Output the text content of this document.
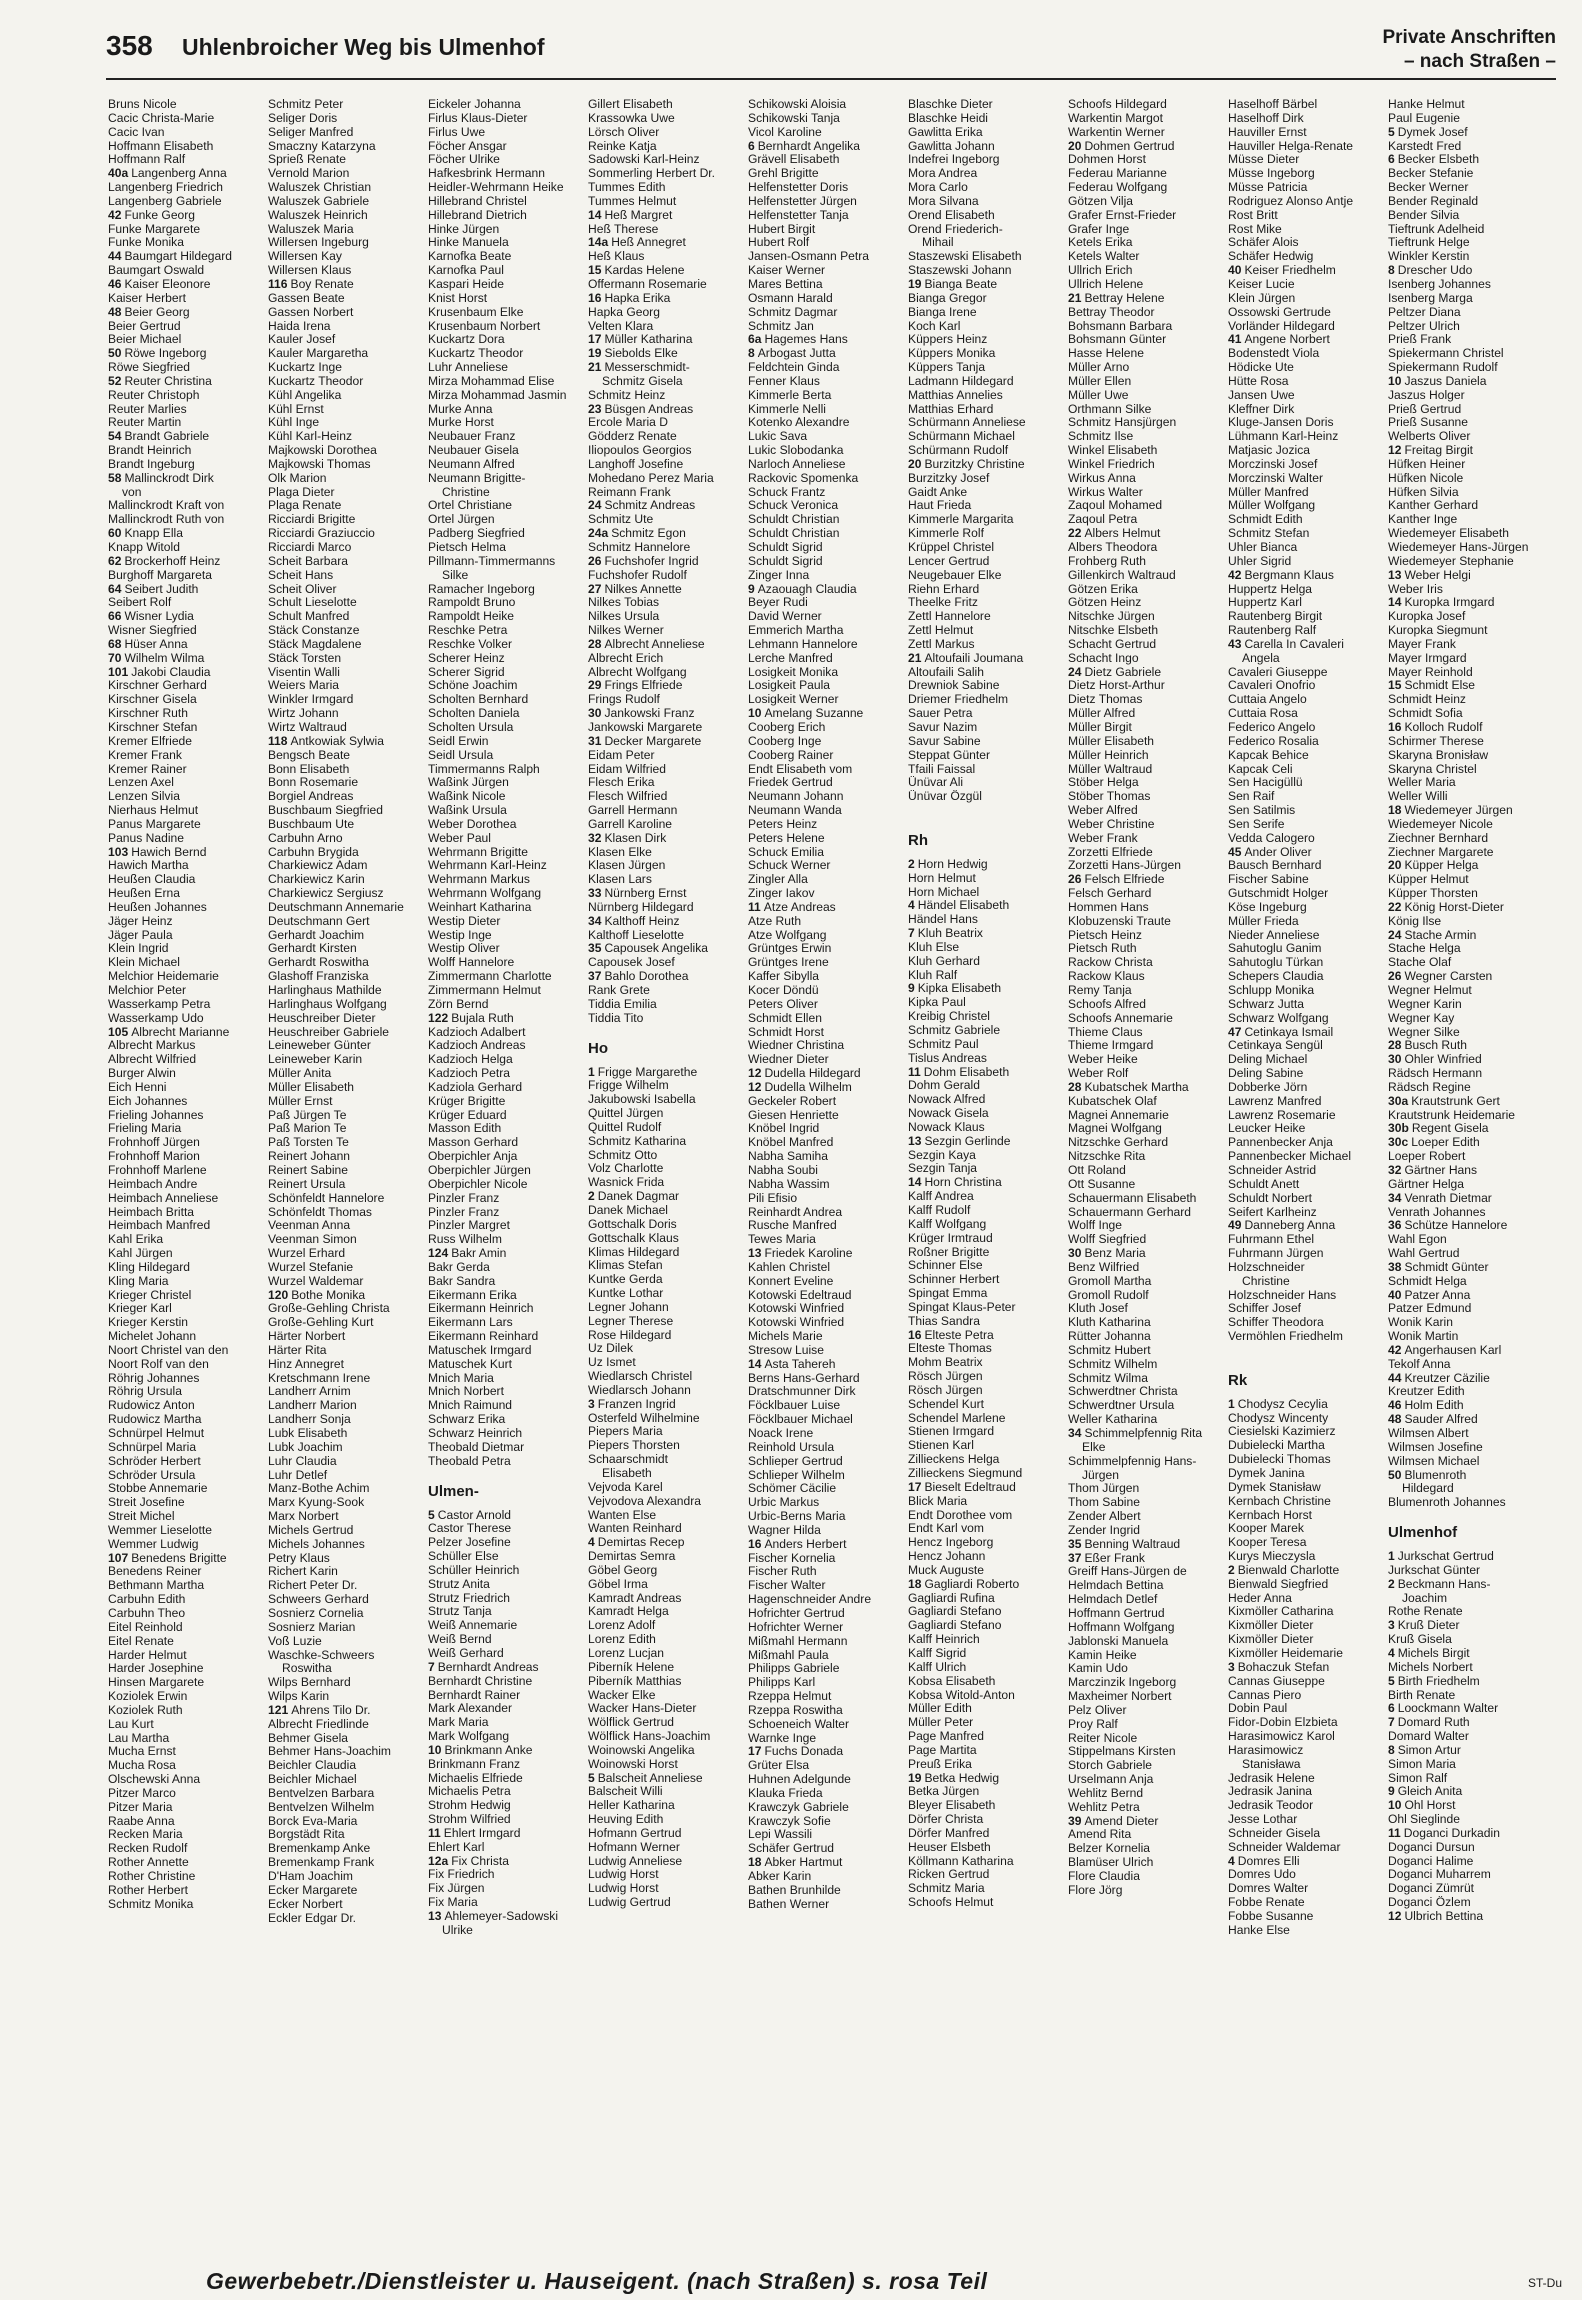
358 Uhlenbroicher Weg bis Ulmenhof	Private Anschriften
– nach Straßen –
Bruns Nicole
Cacic Christa-Marie
Cacic Ivan
Hoffmann Elisabeth
Hoffmann Ralf
40a Langenberg Anna
Langenberg Friedrich
Langenberg Gabriele
42 Funke Georg
Funke Margarete
Funke Monika
44 Baumgart Hildegard
Baumgart Oswald
46 Kaiser Eleonore
Kaiser Herbert
48 Beier Georg
Beier Gertrud
Beier Michael
50 Röwe Ingeborg
Röwe Siegfried
52 Reuter Christina
Reuter Christoph
Reuter Marlies
Reuter Martin
54 Brandt Gabriele
Brandt Heinrich
Brandt Ingeburg
58 Mallinckrodt Dirk
von
Mallinckrodt Kraft von
Mallinckrodt Ruth von
60 Knapp Ella
Knapp Witold
62 Brockerhoff Heinz
Burghoff Margareta
64 Seibert Judith
Seibert Rolf
66 Wisner Lydia
Wisner Siegfried
68 Hüser Anna
70 Wilhelm Wilma
101 Jakobi Claudia
Kirschner Gerhard
Kirschner Gisela
Kirschner Ruth
Kirschner Stefan
Kremer Elfriede
Kremer Frank
Kremer Rainer
Lenzen Axel
Lenzen Silvia
Nierhaus Helmut
Panus Margarete
Panus Nadine
103 Hawich Bernd
Hawich Martha
Heußen Claudia
Heußen Erna
Heußen Johannes
Jäger Heinz
Jäger Paula
Klein Ingrid
Klein Michael
Melchior Heidemarie
Melchior Peter
Wasserkamp Petra
Wasserkamp Udo
105 Albrecht Marianne
Albrecht Markus
Albrecht Wilfried
Burger Alwin
Eich Henni
Eich Johannes
Frieling Johannes
Frieling Maria
Frohnhoff Jürgen
Frohnhoff Marion
Frohnhoff Marlene
Heimbach Andre
Heimbach Anneliese
Heimbach Britta
Heimbach Manfred
Kahl Erika
Kahl Jürgen
Kling Hildegard
Kling Maria
Krieger Christel
Krieger Karl
Krieger Kerstin
Michelet Johann
Noort Christel van den
Noort Rolf van den
Röhrig Johannes
Röhrig Ursula
Rudowicz Anton
Rudowicz Martha
Schnürpel Helmut
Schnürpel Maria
Schröder Herbert
Schröder Ursula
Stobbe Annemarie
Streit Josefine
Streit Michel
Wemmer Lieselotte
Wemmer Ludwig
107 Benedens Brigitte
Benedens Reiner
Bethmann Martha
Carbuhn Edith
Carbuhn Theo
Eitel Reinhold
Eitel Renate
Harder Helmut
Harder Josephine
Hinsen Margarete
Koziolek Erwin
Koziolek Ruth
Lau Kurt
Lau Martha
Mucha Ernst
Mucha Rosa
Olschewski Anna
Pitzer Marco
Pitzer Maria
Raabe Anna
Recken Maria
Recken Rudolf
Rother Annette
Rother Christine
Rother Herbert
Schmitz Monika
Schmitz Peter
Seliger Doris
Seliger Manfred
Smaczny Katarzyna
Sprieß Renate
Vernold Marion
Waluszek Christian
Waluszek Gabriele
Waluszek Heinrich
Waluszek Maria
Willersen Ingeburg
Willersen Kay
Willersen Klaus
116 Boy Renate
Gassen Beate
Gassen Norbert
Haida Irena
Kauler Josef
Kauler Margaretha
Kuckartz Inge
Kuckartz Theodor
Kühl Angelika
Kühl Ernst
Kühl Inge
Kühl Karl-Heinz
Majkowski Dorothea
Majkowski Thomas
Olk Marion
Plaga Dieter
Plaga Renate
Ricciardi Brigitte
Ricciardi Graziuccio
Ricciardi Marco
Scheit Barbara
Scheit Hans
Scheit Oliver
Schult Lieselotte
Schult Manfred
Stäck Constanze
Stäck Magdalene
Stäck Torsten
Visentin Walli
Weiers Maria
Winkler Irmgard
Wirtz Johann
Wirtz Waltraud
118 Antkowiak Sylwia
Bengsch Beate
Bonn Elisabeth
Bonn Rosemarie
Borgiel Andreas
Buschbaum Siegfried
Buschbaum Ute
Carbuhn Arno
Carbuhn Brygida
Charkiewicz Adam
Charkiewicz Karin
Charkiewicz Sergiusz
Deutschmann Annemarie
Deutschmann Gert
Gerhardt Joachim
Gerhardt Kirsten
Gerhardt Roswitha
Glashoff Franziska
Harlinghaus Mathilde
Harlinghaus Wolfgang
Heuschreiber Dieter
Heuschreiber Gabriele
Leineweber Günter
Leineweber Karin
Müller Anita
Müller Elisabeth
Müller Ernst
Paß Jürgen Te
Paß Marion Te
Paß Torsten Te
Reinert Johann
Reinert Sabine
Reinert Ursula
Schönfeldt Hannelore
Schönfeldt Thomas
Veenman Anna
Veenman Simon
Wurzel Erhard
Wurzel Stefanie
Wurzel Waldemar
120 Bothe Monika
Große-Gehling Christa
Große-Gehling Kurt
Härter Norbert
Härter Rita
Hinz Annegret
Kretschmann Irene
Landherr Arnim
Landherr Marion
Landherr Sonja
Lubk Elisabeth
Lubk Joachim
Luhr Claudia
Luhr Detlef
Manz-Bothe Achim
Marx Kyung-Sook
Marx Norbert
Michels Gertrud
Michels Johannes
Petry Klaus
Richert Karin
Richert Peter Dr.
Schweers Gerhard
Sosnierz Cornelia
Sosnierz Marian
Voß Luzie
Waschke-Schweers
Roswitha
Wilps Bernhard
Wilps Karin
121 Ahrens Tilo Dr.
Albrecht Friedlinde
Behmer Gisela
Behmer Hans-Joachim
Beichler Claudia
Beichler Michael
Bentvelzen Barbara
Bentvelzen Wilhelm
Borck Eva-Maria
Borgstädt Rita
Bremenkamp Anke
Bremenkamp Frank
D'Ham Joachim
Ecker Margarete
Ecker Norbert
Eckler Edgar Dr.
Eickeler Johanna
Firlus Klaus-Dieter
Firlus Uwe
Föcher Ansgar
Föcher Ulrike
Hafkesbrink Hermann
Heidler-Wehrmann Heike
Hillebrand Christel
Hillebrand Dietrich
Hinke Jürgen
Hinke Manuela
Karnofka Beate
Karnofka Paul
Kaspari Heide
Knist Horst
Krusenbaum Elke
Krusenbaum Norbert
Kuckartz Dora
Kuckartz Theodor
Luhr Anneliese
Mirza Mohammad Elise
Mirza Mohammad Jasmin
Murke Anna
Murke Horst
Neubauer Franz
Neubauer Gisela
Neumann Alfred
Neumann Brigitte-
Christine
Ortel Christiane
Ortel Jürgen
Padberg Siegfried
Pietsch Helma
Pillmann-Timmermanns
Silke
Ramacher Ingeborg
Rampoldt Bruno
Rampoldt Heike
Reschke Petra
Reschke Volker
Scherer Heinz
Scherer Sigrid
Schöne Joachim
Scholten Bernhard
Scholten Daniela
Scholten Ursula
Seidl Erwin
Seidl Ursula
Timmermanns Ralph
Waßink Jürgen
Waßink Nicole
Waßink Ursula
Weber Dorothea
Weber Paul
Wehrmann Brigitte
Wehrmann Karl-Heinz
Wehrmann Markus
Wehrmann Wolfgang
Weinhart Katharina
Westip Dieter
Westip Inge
Westip Oliver
Wolff Hannelore
Zimmermann Charlotte
Zimmermann Helmut
Zörn Bernd
122 Bujala Ruth
Kadzioch Adalbert
Kadzioch Andreas
Kadzioch Helga
Kadzioch Petra
Kadziola Gerhard
Krüger Brigitte
Krüger Eduard
Masson Edith
Masson Gerhard
Oberpichler Anja
Oberpichler Jürgen
Oberpichler Nicole
Pinzler Franz
Pinzler Franz
Pinzler Margret
Russ Wilhelm
124 Bakr Amin
Bakr Gerda
Bakr Sandra
Eikermann Erika
Eikermann Heinrich
Eikermann Lars
Eikermann Reinhard
Matuschek Irmgard
Matuschek Kurt
Mnich Maria
Mnich Norbert
Mnich Raimund
Schwarz Erika
Schwarz Heinrich
Theobald Dietmar
Theobald Petra
Ulmen-
5 Castor Arnold
Castor Therese
Pelzer Josefine
Schüller Else
Schüller Heinrich
Strutz Anita
Strutz Friedrich
Strutz Tanja
Weiß Annemarie
Weiß Bernd
Weiß Gerhard
7 Bernhardt Andreas
Bernhardt Christine
Bernhardt Rainer
Mark Alexander
Mark Maria
Mark Wolfgang
10 Brinkmann Anke
Brinkmann Franz
Michaelis Elfriede
Michaelis Petra
Strohm Hedwig
Strohm Wilfried
11 Ehlert Irmgard
Ehlert Karl
12a Fix Christa
Fix Friedrich
Fix Jürgen
Fix Maria
13 Ahlemeyer-Sadowski
Ulrike
Gillert Elisabeth
Krassowka Uwe
Lörsch Oliver
Reinke Katja
Sadowski Karl-Heinz
Sommerling Herbert Dr.
Tummes Edith
Tummes Helmut
14 Heß Margret
Heß Therese
14a Heß Annegret
Heß Klaus
15 Kardas Helene
Offermann Rosemarie
16 Hapka Erika
Hapka Georg
Velten Klara
17 Müller Katharina
19 Siebolds Elke
21 Messerschmidt-
Schmitz Gisela
Schmitz Heinz
23 Büsgen Andreas
Ercole Maria D
Gödderz Renate
Iliopoulos Georgios
Langhoff Josefine
Mohedano Perez Maria
Reimann Frank
24 Schmitz Andreas
Schmitz Ute
24a Schmitz Egon
Schmitz Hannelore
26 Fuchshofer Ingrid
Fuchshofer Rudolf
27 Nilkes Annette
Nilkes Tobias
Nilkes Ursula
Nilkes Werner
28 Albrecht Anneliese
Albrecht Erich
Albrecht Wolfgang
29 Frings Elfriede
Frings Rudolf
30 Jankowski Franz
Jankowski Margarete
31 Decker Margarete
Eidam Peter
Eidam Wilfried
Flesch Erika
Flesch Wilfried
Garrell Hermann
Garrell Karoline
32 Klasen Dirk
Klasen Elke
Klasen Jürgen
Klasen Lars
33 Nürnberg Ernst
Nürnberg Hildegard
34 Kalthoff Heinz
Kalthoff Lieselotte
35 Capousek Angelika
Capousek Josef
37 Bahlo Dorothea
Rank Grete
Tiddia Emilia
Tiddia Tito
Ho
1 Frigge Margarethe
Frigge Wilhelm
Jakubowski Isabella
Quittel Jürgen
Quittel Rudolf
Schmitz Katharina
Schmitz Otto
Volz Charlotte
Wasnick Frida
2 Danek Dagmar
Danek Michael
Gottschalk Doris
Gottschalk Klaus
Klimas Hildegard
Klimas Stefan
Kuntke Gerda
Kuntke Lothar
Legner Johann
Legner Therese
Rose Hildegard
Uz Dilek
Uz Ismet
Wiedlarsch Christel
Wiedlarsch Johann
3 Franzen Ingrid
Osterfeld Wilhelmine
Piepers Maria
Piepers Thorsten
Schaarschmidt
Elisabeth
Vejvoda Karel
Vejvodova Alexandra
Wanten Else
Wanten Reinhard
4 Demirtas Recep
Demirtas Semra
Göbel Georg
Göbel Irma
Kamradt Andreas
Kamradt Helga
Lorenz Adolf
Lorenz Edith
Lorenz Lucjan
Piberník Helene
Piberník Matthias
Wacker Elke
Wacker Hans-Dieter
Wölflick Gertrud
Wölflick Hans-Joachim
Woinowski Angelika
Woinowski Horst
5 Balscheit Anneliese
Balscheit Willi
Heller Katharina
Heuving Edith
Hofmann Gertrud
Hofmann Werner
Ludwig Anneliese
Ludwig Horst
Ludwig Horst
Ludwig Gertrud
Schikowski Aloisia
Schikowski Tanja
Vicol Karoline
6 Bernhardt Angelika
Grävell Elisabeth
Grehl Brigitte
Helfenstetter Doris
Helfenstetter Jürgen
Helfenstetter Tanja
Hubert Birgit
Hubert Rolf
Jansen-Osmann Petra
Kaiser Werner
Mares Bettina
Osmann Harald
Schmitz Dagmar
Schmitz Jan
6a Hagemes Hans
8 Arbogast Jutta
Feldchtein Ginda
Fenner Klaus
Kimmerle Berta
Kimmerle Nelli
Kotenko Alexandre
Lukic Sava
Lukic Slobodanka
Narloch Anneliese
Rackovic Spomenka
Schuck Frantz
Schuck Veronica
Schuldt Christian
Schuldt Christian
Schuldt Sigrid
Schuldt Sigrid
Zinger Inna
9 Azaouagh Claudia
Beyer Rudi
David Werner
Emmerich Martha
Lehmann Hannelore
Lerche Manfred
Losigkeit Monika
Losigkeit Paula
Losigkeit Werner
10 Amelang Suzanne
Cooberg Erich
Cooberg Inge
Cooberg Rainer
Endt Elisabeth vom
Friedek Gertrud
Neumann Johann
Neumann Wanda
Peters Heinz
Peters Helene
Schuck Emilia
Schuck Werner
Zingler Alla
Zinger Iakov
11 Atze Andreas
Atze Ruth
Atze Wolfgang
Grüntges Erwin
Grüntges Irene
Kaffer Sibylla
Kocer Döndü
Peters Oliver
Schmidt Ellen
Schmidt Horst
Wiedner Christina
Wiedner Dieter
12 Dudella Hildegard
12 Dudella Wilhelm
Geckeler Robert
Giesen Henriette
Knöbel Ingrid
Knöbel Manfred
Nabha Samiha
Nabha Soubi
Nabha Wassim
Pili Efisio
Reinhardt Andrea
Rusche Manfred
Tewes Maria
13 Friedek Karoline
Kahlen Christel
Konnert Eveline
Kotowski Edeltraud
Kotowski Winfried
Kotowski Winfried
Michels Marie
Stresow Luise
14 Asta Tahereh
Berns Hans-Gerhard
Dratschmunner Dirk
Föcklbauer Luise
Föcklbauer Michael
Noack Irene
Reinhold Ursula
Schlieper Gertrud
Schlieper Wilhelm
Schömer Cäcilie
Urbic Markus
Urbic-Berns Maria
Wagner Hilda
16 Anders Herbert
Fischer Kornelia
Fischer Ruth
Fischer Walter
Hagenschneider Andre
Hofrichter Gertrud
Hofrichter Werner
Mißmahl Hermann
Mißmahl Paula
Philipps Gabriele
Philipps Karl
Rzeppa Helmut
Rzeppa Roswitha
Schoeneich Walter
Warnke Inge
17 Fuchs Donada
Grüter Elsa
Huhnen Adelgunde
Klauka Frieda
Krawczyk Gabriele
Krawczyk Sofie
Lepi Wassili
Schäfer Gertrud
18 Abker Hartmut
Abker Karin
Bathen Brunhilde
Bathen Werner
Blaschke Dieter
Blaschke Heidi
Gawlitta Erika
Gawlitta Johann
Indefrei Ingeborg
Mora Andrea
Mora Carlo
Mora Silvana
Orend Elisabeth
Orend Friederich-
Mihail
Staszewski Elisabeth
Staszewski Johann
19 Bianga Beate
Bianga Gregor
Bianga Irene
Koch Karl
Küppers Heinz
Küppers Monika
Küppers Tanja
Ladmann Hildegard
Matthias Annelies
Matthias Erhard
Schürmann Anneliese
Schürmann Michael
Schürmann Rudolf
20 Burzitzky Christine
Burzitzky Josef
Gaidt Anke
Haut Frieda
Kimmerle Margarita
Kimmerle Rolf
Krüppel Christel
Lencer Gertrud
Neugebauer Elke
Riehn Erhard
Theelke Fritz
Zettl Hannelore
Zettl Helmut
Zettl Markus
21 Altoufaili Joumana
Altoufaili Salih
Drewniok Sabine
Driemer Friedhelm
Sauer Petra
Savur Nazim
Savur Sabine
Steppat Günter
Tfaili Faissal
Ünüvar Ali
Ünüvar Özgül
Rh
2 Horn Hedwig
Horn Helmut
Horn Michael
4 Händel Elisabeth
Händel Hans
7 Kluh Beatrix
Kluh Else
Kluh Gerhard
Kluh Ralf
9 Kipka Elisabeth
Kipka Paul
Kreibig Christel
Schmitz Gabriele
Schmitz Paul
Tislus Andreas
11 Dohm Elisabeth
Dohm Gerald
Nowack Alfred
Nowack Gisela
Nowack Klaus
13 Sezgin Gerlinde
Sezgin Kaya
Sezgin Tanja
14 Horn Christina
Kalff Andrea
Kalff Rudolf
Kalff Wolfgang
Krüger Irmtraud
Roßner Brigitte
Schinner Else
Schinner Herbert
Spingat Emma
Spingat Klaus-Peter
Thias Sandra
16 Elteste Petra
Elteste Thomas
Mohm Beatrix
Rösch Jürgen
Rösch Jürgen
Schendel Kurt
Schendel Marlene
Stienen Irmgard
Stienen Karl
Zillieckens Helga
Zillieckens Siegmund
17 Bieselt Edeltraud
Blick Maria
Endt Dorothee vom
Endt Karl vom
Hencz Ingeborg
Hencz Johann
Muck Auguste
18 Gagliardi Roberto
Gagliardi Rufina
Gagliardi Stefano
Gagliardi Stefano
Kalff Heinrich
Kalff Sigrid
Kalff Ulrich
Kobsa Elisabeth
Kobsa Witold-Anton
Müller Edith
Müller Peter
Page Manfred
Page Martita
Preuß Erika
19 Betka Hedwig
Betka Jürgen
Bleyer Elisabeth
Dörfer Christa
Dörfer Manfred
Heuser Elsbeth
Köllmann Katharina
Ricken Gertrud
Schmitz Maria
Schoofs Helmut
Schoofs Hildegard
Warkentin Margot
Warkentin Werner
20 Dohmen Gertrud
Dohmen Horst
Federau Marianne
Federau Wolfgang
Götzen Vilja
Grafer Ernst-Frieder
Grafer Inge
Ketels Erika
Ketels Walter
Ullrich Erich
Ullrich Helene
21 Bettray Helene
Bettray Theodor
Bohsmann Barbara
Bohsmann Günter
Hasse Helene
Müller Arno
Müller Ellen
Müller Uwe
Orthmann Silke
Schmitz Hansjürgen
Schmitz Ilse
Winkel Elisabeth
Winkel Friedrich
Wirkus Anna
Wirkus Walter
Zaqoul Mohamed
Zaqoul Petra
22 Albers Helmut
Albers Theodora
Frohberg Ruth
Gillenkirch Waltraud
Götzen Erika
Götzen Heinz
Nitschke Jürgen
Nitschke Elsbeth
Schacht Gertrud
Schacht Ingo
24 Dietz Gabriele
Dietz Horst-Arthur
Dietz Thomas
Müller Alfred
Müller Birgit
Müller Elisabeth
Müller Heinrich
Müller Waltraud
Stöber Helga
Stöber Thomas
Weber Alfred
Weber Christine
Weber Frank
Zorzetti Elfriede
Zorzetti Hans-Jürgen
26 Felsch Elfriede
Felsch Gerhard
Hommen Hans
Klobuzenski Traute
Pietsch Heinz
Pietsch Ruth
Rackow Christa
Rackow Klaus
Remy Tanja
Schoofs Alfred
Schoofs Annemarie
Thieme Claus
Thieme Irmgard
Weber Heike
Weber Rolf
28 Kubatschek Martha
Kubatschek Olaf
Magnei Annemarie
Magnei Wolfgang
Nitzschke Gerhard
Nitzschke Rita
Ott Roland
Ott Susanne
Schauermann Elisabeth
Schauermann Gerhard
Wolff Inge
Wolff Siegfried
30 Benz Maria
Benz Wilfried
Gromoll Martha
Gromoll Rudolf
Kluth Josef
Kluth Katharina
Rütter Johanna
Schmitz Hubert
Schmitz Wilhelm
Schmitz Wilma
Schwerdtner Christa
Schwerdtner Ursula
Weller Katharina
34 Schimmelpfennig Rita
Elke
Schimmelpfennig Hans-
Jürgen
Thom Jürgen
Thom Sabine
Zender Albert
Zender Ingrid
35 Benning Waltraud
37 Eßer Frank
Greiff Hans-Jürgen de
Helmdach Bettina
Helmdach Detlef
Hoffmann Gertrud
Hoffmann Wolfgang
Jablonski Manuela
Kamin Heike
Kamin Udo
Marczinzik Ingeborg
Maxheimer Norbert
Pelz Oliver
Proy Ralf
Reiter Nicole
Stippelmans Kirsten
Storch Gabriele
Urselmann Anja
Wehlitz Bernd
Wehlitz Petra
39 Amend Dieter
Amend Rita
Belzer Kornelia
Blamüser Ulrich
Flore Claudia
Flore Jörg
Haselhoff Bärbel
Haselhoff Dirk
Hauviller Ernst
Hauviller Helga-Renate
Müsse Dieter
Müsse Ingeborg
Müsse Patricia
Rodriguez Alonso Antje
Rost Britt
Rost Mike
Schäfer Alois
Schäfer Hedwig
40 Keiser Friedhelm
Keiser Lucie
Klein Jürgen
Ossowski Gertrude
Vorländer Hildegard
41 Angene Norbert
Bodenstedt Viola
Hödicke Ute
Hütte Rosa
Jansen Uwe
Kleffner Dirk
Kluge-Jansen Doris
Lühmann Karl-Heinz
Matjasic Jozica
Morczinski Josef
Morczinski Walter
Müller Manfred
Müller Wolfgang
Schmidt Edith
Schmitz Stefan
Uhler Bianca
Uhler Sigrid
42 Bergmann Klaus
Huppertz Helga
Huppertz Karl
Rautenberg Birgit
Rautenberg Ralf
43 Carella In Cavaleri
Angela
Cavaleri Giuseppe
Cavaleri Onofrio
Cuttaia Angelo
Cuttaia Rosa
Federico Angelo
Federico Rosalia
Kapcak Behice
Kapcak Celi
Sen Hacigüllü
Sen Raif
Sen Satilmis
Sen Serife
Vedda Calogero
45 Ander Oliver
Bausch Bernhard
Fischer Sabine
Gutschmidt Holger
Köse Ingeburg
Müller Frieda
Nieder Anneliese
Sahutoglu Ganim
Sahutoglu Türkan
Schepers Claudia
Schlupp Monika
Schwarz Jutta
Schwarz Wolfgang
47 Cetinkaya Ismail
Cetinkaya Sengül
Deling Michael
Deling Sabine
Dobberke Jörn
Lawrenz Manfred
Lawrenz Rosemarie
Leucker Heike
Pannenbecker Anja
Pannenbecker Michael
Schneider Astrid
Schuldt Anett
Schuldt Norbert
Seifert Karlheinz
49 Danneberg Anna
Fuhrmann Ethel
Fuhrmann Jürgen
Holzschneider
Christine
Holzschneider Hans
Schiffer Josef
Schiffer Theodora
Vermöhlen Friedhelm
Rk
1 Chodysz Cecylia
Chodysz Wincenty
Ciesielski Kazimierz
Dubielecki Martha
Dubielecki Thomas
Dymek Janina
Dymek Stanisław
Kernbach Christine
Kernbach Horst
Kooper Marek
Kooper Teresa
Kurys Mieczysla
2 Bienwald Charlotte
Bienwald Siegfried
Heder Anna
Kixmöller Catharina
Kixmöller Dieter
Kixmöller Dieter
Kixmöller Heidemarie
3 Bohaczuk Stefan
Cannas Giuseppe
Cannas Piero
Dobin Paul
Fidor-Dobin Elzbieta
Harasimowicz Karol
Harasimowicz
Stanisława
Jedrasik Helene
Jedrasik Janina
Jedrasik Teodor
Jesse Lothar
Schneider Gisela
Schneider Waldemar
4 Domres Elli
Domres Udo
Domres Walter
Fobbe Renate
Fobbe Susanne
Hanke Else
Hanke Helmut
Paul Eugenie
5 Dymek Josef
Karstedt Fred
6 Becker Elsbeth
Becker Stefanie
Becker Werner
Bender Reginald
Bender Silvia
Tieftrunk Adelheid
Tieftrunk Helge
Winkler Kerstin
8 Drescher Udo
Isenberg Johannes
Isenberg Marga
Peltzer Diana
Peltzer Ulrich
Prieß Frank
Spiekermann Christel
Spiekermann Rudolf
10 Jaszus Daniela
Jaszus Holger
Prieß Gertrud
Prieß Susanne
Welberts Oliver
12 Freitag Birgit
Hüfken Heiner
Hüfken Nicole
Hüfken Silvia
Kanther Gerhard
Kanther Inge
Wiedemeyer Elisabeth
Wiedemeyer Hans-Jürgen
Wiedemeyer Stephanie
13 Weber Helgi
Weber Iris
14 Kuropka Irmgard
Kuropka Josef
Kuropka Siegmunt
Mayer Frank
Mayer Irmgard
Mayer Reinhold
15 Schmidt Else
Schmidt Heinz
Schmidt Sofia
16 Kolloch Rudolf
Schirmer Therese
Skaryna Bronisław
Skaryna Christel
Weller Maria
Weller Willi
18 Wiedemeyer Jürgen
Wiedemeyer Nicole
Ziechner Bernhard
Ziechner Margarete
20 Küpper Helga
Küpper Helmut
Küpper Thorsten
22 König Horst-Dieter
König Ilse
24 Stache Armin
Stache Helga
Stache Olaf
26 Wegner Carsten
Wegner Helmut
Wegner Karin
Wegner Kay
Wegner Silke
28 Busch Ruth
30 Ohler Winfried
Rädsch Hermann
Rädsch Regine
30a Krautstrunk Gert
Krautstrunk Heidemarie
30b Regent Gisela
30c Loeper Edith
Loeper Robert
32 Gärtner Hans
Gärtner Helga
34 Venrath Dietmar
Venrath Johannes
36 Schütze Hannelore
Wahl Egon
Wahl Gertrud
38 Schmidt Günter
Schmidt Helga
40 Patzer Anna
Patzer Edmund
Wonik Karin
Wonik Martin
42 Angerhausen Karl
Tekolf Anna
44 Kreutzer Cäzilie
Kreutzer Edith
46 Holm Edith
48 Sauder Alfred
Wilmsen Albert
Wilmsen Josefine
Wilmsen Michael
50 Blumenroth
Hildegard
Blumenroth Johannes
Ulmenhof
1 Jurkschat Gertrud
Jurkschat Günter
2 Beckmann Hans-
Joachim
Rothe Renate
3 Kruß Dieter
Kruß Gisela
4 Michels Birgit
Michels Norbert
5 Birth Friedhelm
Birth Renate
6 Loockmann Walter
7 Domard Ruth
Domard Walter
8 Simon Artur
Simon Maria
Simon Ralf
9 Gleich Anita
10 Ohl Horst
Ohl Sieglinde
11 Doganci Durkadin
Doganci Dursun
Doganci Halime
Doganci Muharrem
Doganci Zümrüt
Doganci Özlem
12 Ulbrich Bettina
Gewerbebetr./Dienstleister u. Hauseigent. (nach Straßen) s. rosa Teil	ST-Du
